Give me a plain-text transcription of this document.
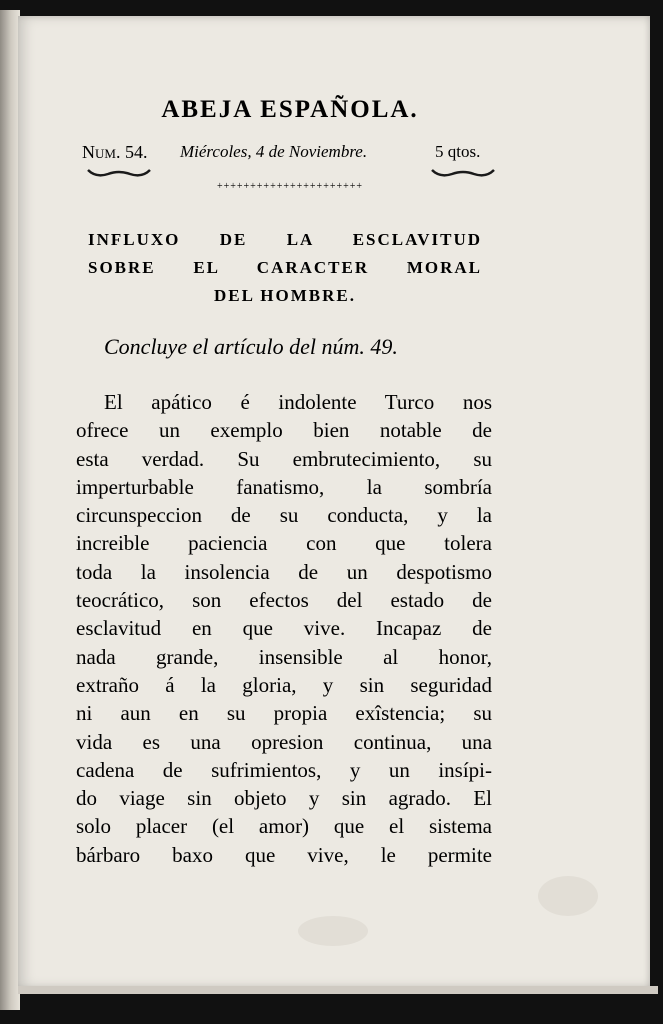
ABEJA ESPAÑOLA.
Num. 54. Miércoles, 4 de Noviembre.	5 qtos.
++++++++++++++++++++++
INFLUXO DE LA ESCLAVITUD
SOBRE EL CARACTER MORAL
DEL HOMBRE.
Concluye el artículo del núm. 49.
El apático é indolente Turco nos
ofrece un exemplo bien notable de
esta verdad. Su embrutecimiento, su
imperturbable fanatismo, la sombría
circunspeccion de su conducta, y la
increible paciencia con que tolera
toda la insolencia de un despotismo
teocrático, son efectos del estado de
esclavitud en que vive. Incapaz de
nada grande, insensible al honor,
extraño á la gloria, y sin seguridad
ni aun en su propia exîstencia; su
vida es una opresion continua, una
cadena de sufrimientos, y un insípi-
do viage sin objeto y sin agrado. El
solo placer (el amor) que el sistema
bárbaro baxo que vive, le permite
